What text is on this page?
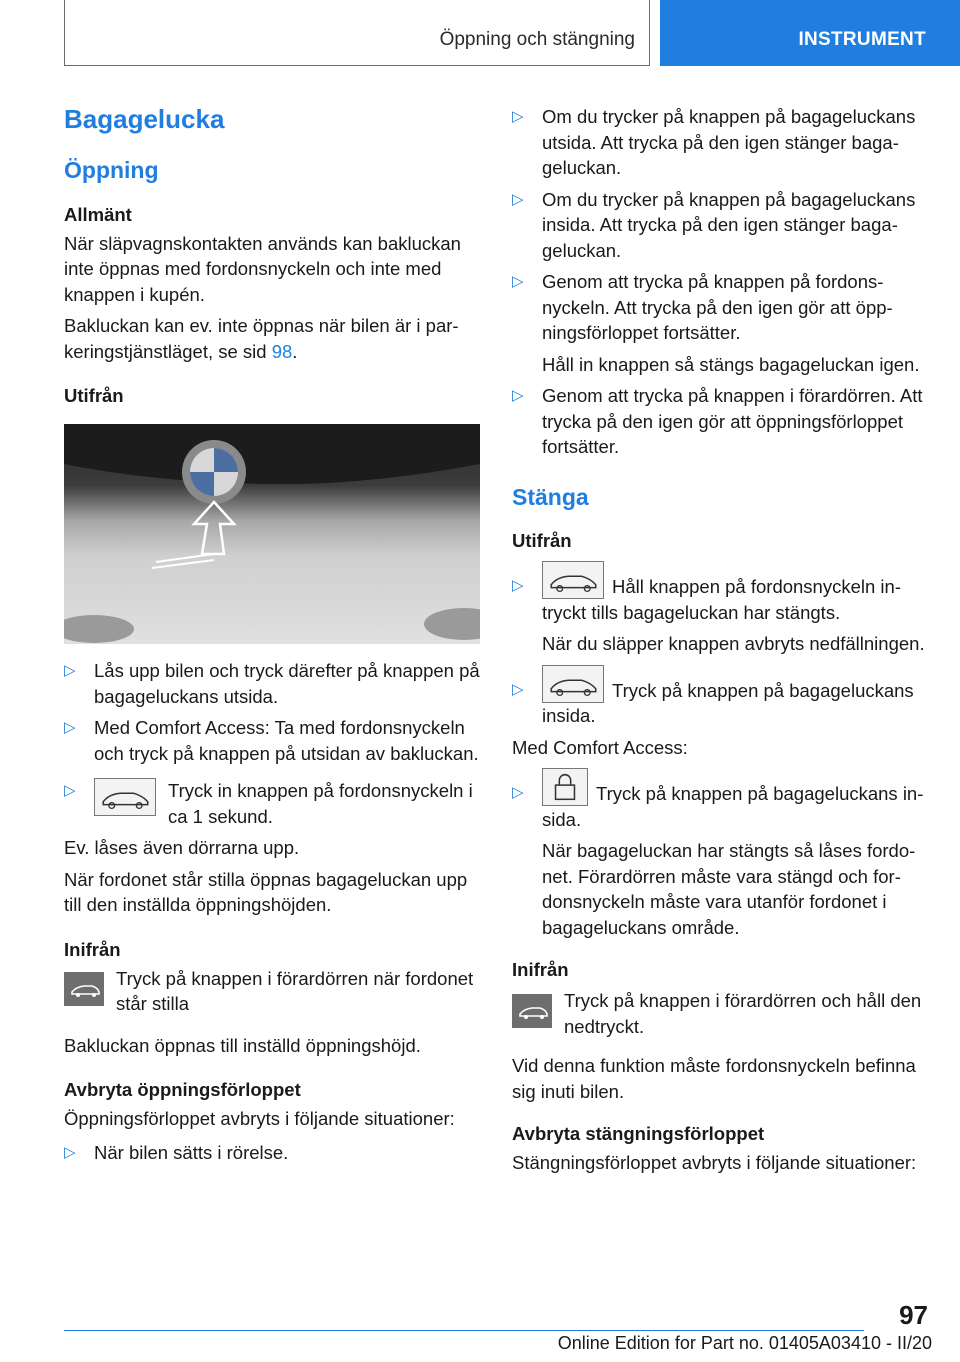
Öppning och stängning	INSTRUMENT
Bagagelucka
Öppning
Allmänt

När släpvagnskontakten används kan bakluckan inte öppnas med fordonsnyckeln och inte med knappen i kupén.

Bakluckan kan ev. inte öppnas när bilen är i parkeringstjänstläget, se sid 98.

Utifrån
▷ Lås upp bilen och tryck därefter på knappen på bagageluckans utsida.
▷ Med Comfort Access: Ta med fordonsnyckeln och tryck på knappen på utsidan av bakluckan.
▷	Tryck in knappen på fordonsnyckeln i ca 1 sekund.

Ev. låses även dörrarna upp.

När fordonet står stilla öppnas bagageluckan upp till den inställda öppningshöjden.

Inifrån

Tryck på knappen i förardörren när fordonet står stilla

Bakluckan öppnas till inställd öppningshöjd.

Avbryta öppningsförloppet

Öppningsförloppet avbryts i följande situationer:

▷ När bilen sätts i rörelse.
▷ Om du trycker på knappen på bagageluckans utsida. Att trycka på den igen stänger bagageluckan.
▷ Om du trycker på knappen på bagageluckans insida. Att trycka på den igen stänger bagageluckan.
▷ Genom att trycka på knappen på fordonsnyckeln. Att trycka på den igen gör att öppningsförloppet fortsätter.
Håll in knappen så stängs bagageluckan igen.
▷ Genom att trycka på knappen i förardörren. Att trycka på den igen gör att öppningsförloppet fortsätter.
Stänga
Utifrån
▷	Håll knappen på fordonsnyckeln intryckt tills bagageluckan har stängts.
När du släpper knappen avbryts nedfällningen.
▷	Tryck på knappen på bagageluckans insida.

Med Comfort Access:

▷	Tryck på knappen på bagageluckans insida.
När bagageluckan har stängts så låses fordonet. Förardörren måste vara stängd och fordonsnyckeln måste vara utanför fordonet i bagageluckans område.
Inifrån

Tryck på knappen i förardörren och håll den nedtryckt.

Vid denna funktion måste fordonsnyckeln befinna sig inuti bilen.

Avbryta stängningsförloppet

Stängningsförloppet avbryts i följande situationer:

97
Online Edition for Part no. 01405A03410 - II/20
